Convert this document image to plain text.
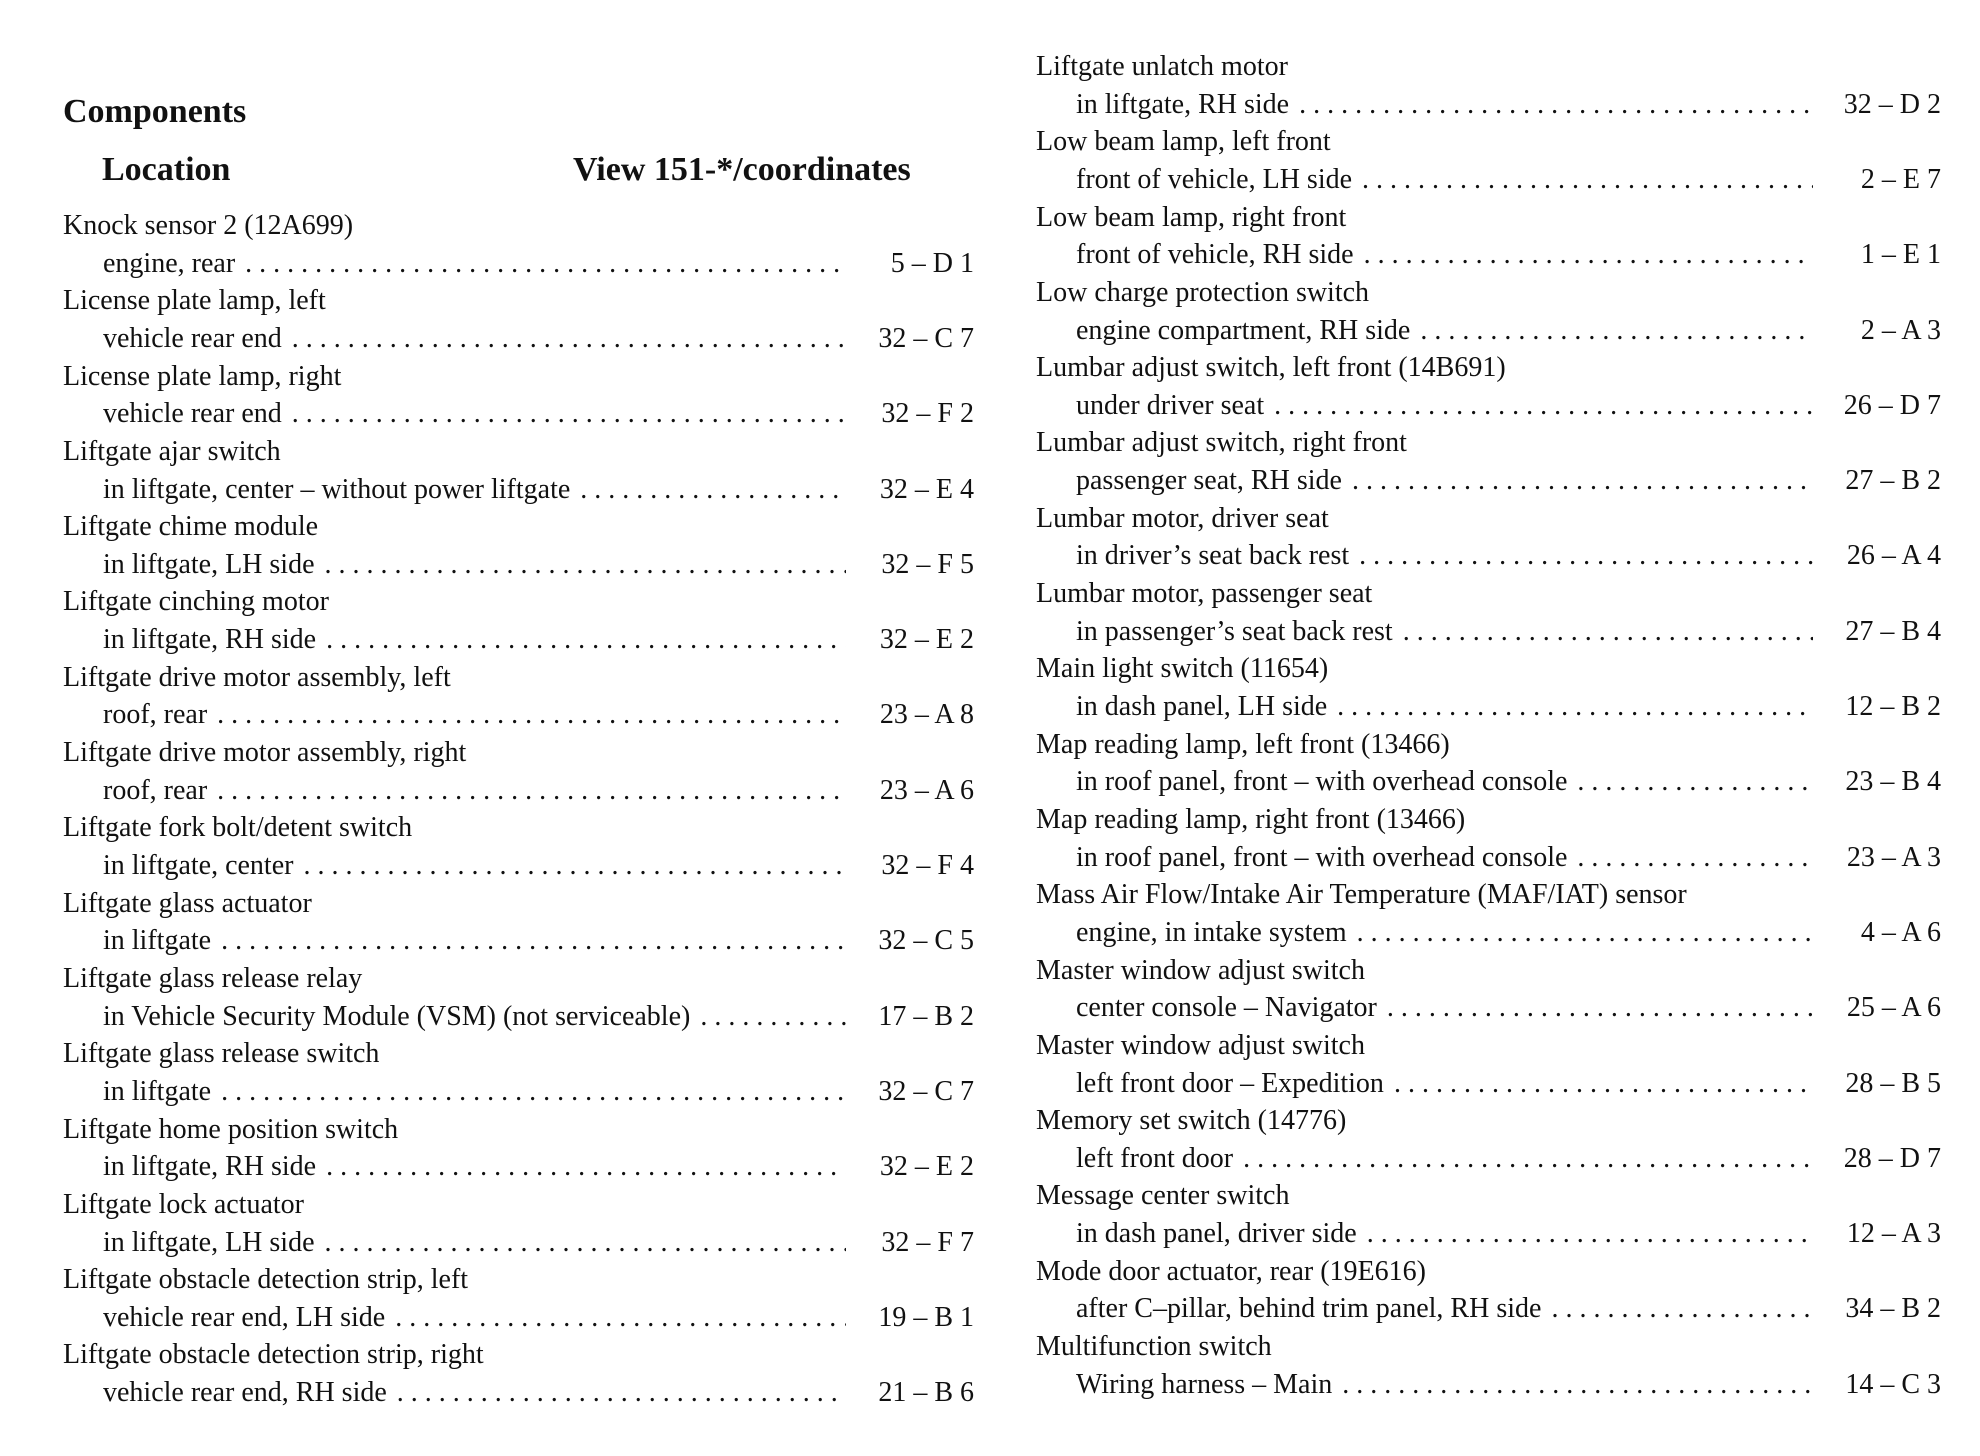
Components
Location	View 151-*/coordinates
Knock sensor 2 (12A699)
engine, rear . . .	5 – D 1
License plate lamp, left
vehicle rear end . . .	32 – C 7
License plate lamp, right
vehicle rear end . . .	32 – F 2
Liftgate ajar switch
in liftgate, center – without power liftgate . . .	32 – E 4
Liftgate chime module
in liftgate, LH side . . .	32 – F 5
Liftgate cinching motor
in liftgate, RH side . . .	32 – E 2
Liftgate drive motor assembly, left
roof, rear . . .	23 – A 8
Liftgate drive motor assembly, right
roof, rear . . .	23 – A 6
Liftgate fork bolt/detent switch
in liftgate, center . . .	32 – F 4
Liftgate glass actuator
in liftgate . . .	32 – C 5
Liftgate glass release relay
in Vehicle Security Module (VSM) (not serviceable) . . .	17 – B 2
Liftgate glass release switch
in liftgate . . .	32 – C 7
Liftgate home position switch
in liftgate, RH side . . .	32 – E 2
Liftgate lock actuator
in liftgate, LH side . . .	32 – F 7
Liftgate obstacle detection strip, left
vehicle rear end, LH side . . .	19 – B 1
Liftgate obstacle detection strip, right
vehicle rear end, RH side . . .	21 – B 6
Liftgate unlatch motor
in liftgate, RH side . . .	32 – D 2
Low beam lamp, left front
front of vehicle, LH side . . .	2 – E 7
Low beam lamp, right front
front of vehicle, RH side . . .	1 – E 1
Low charge protection switch
engine compartment, RH side . . .	2 – A 3
Lumbar adjust switch, left front (14B691)
under driver seat . . .	26 – D 7
Lumbar adjust switch, right front
passenger seat, RH side . . .	27 – B 2
Lumbar motor, driver seat
in driver’s seat back rest . . .	26 – A 4
Lumbar motor, passenger seat
in passenger’s seat back rest . . .	27 – B 4
Main light switch (11654)
in dash panel, LH side . . .	12 – B 2
Map reading lamp, left front (13466)
in roof panel, front – with overhead console . . .	23 – B 4
Map reading lamp, right front (13466)
in roof panel, front – with overhead console . . .	23 – A 3
Mass Air Flow/Intake Air Temperature (MAF/IAT) sensor
engine, in intake system . . .	4 – A 6
Master window adjust switch
center console – Navigator . . .	25 – A 6
Master window adjust switch
left front door – Expedition . . .	28 – B 5
Memory set switch (14776)
left front door . . .	28 – D 7
Message center switch
in dash panel, driver side . . .	12 – A 3
Mode door actuator, rear (19E616)
after C–pillar, behind trim panel, RH side . . .	34 – B 2
Multifunction switch
Wiring harness – Main . . .	14 – C 3
